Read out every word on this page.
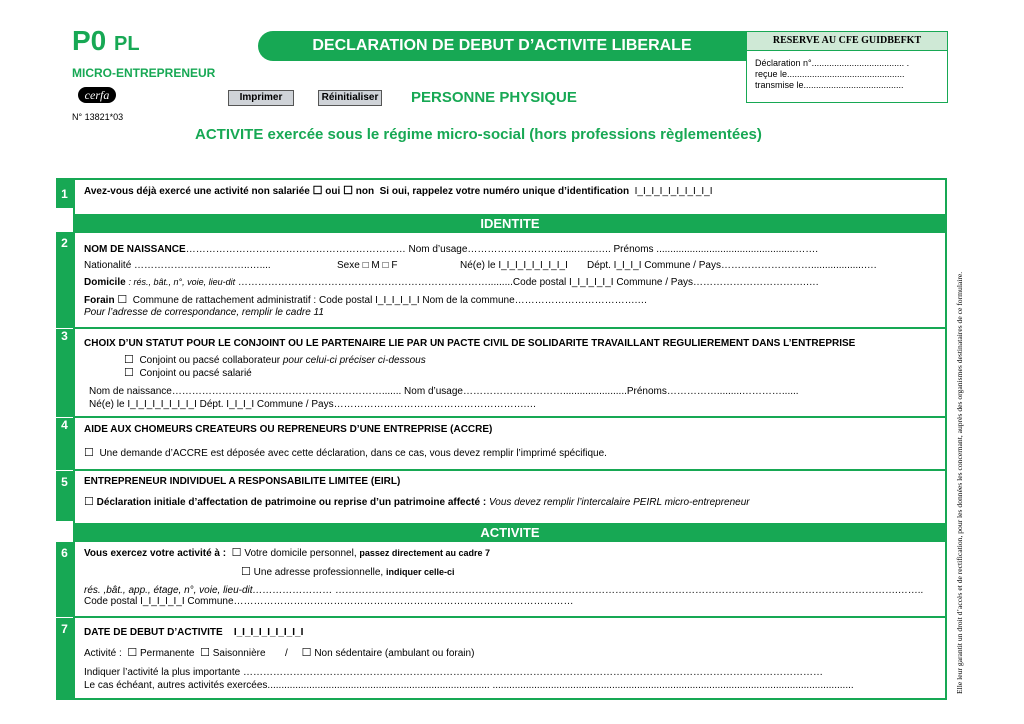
P0 PL
MICRO-ENTREPRENEUR
cerfa
N° 13821*03
DECLARATION DE DEBUT D’ACTIVITE LIBERALE	RESERVE AU CFE GUIDBEFKT
Déclaration n°..................................... .
reçue le...............................................
transmise le........................................
Imprimer	Réinitialiser PERSONNE PHYSIQUE
ACTIVITE exercée sous le régime micro-social (hors professions règlementées)
Elle leur garantit un droit d’accès et de rectification, pour les données les concernant, auprès des organismes destinataires de ce formulaire.
1
2
3
4
5
6
7
Avez-vous déjà exercé une activité non salariée ☐ oui ☐ non Si oui, rappelez votre numéro unique d’identification I_I_I_I_I_I_I_I_I_I
IDENTITE
NOM DE NAISSANCE………………………………………………………… Nom d’usage……………………….......…...….. Prénoms ..................................................…….
Nationalité ……………………………..…....	Sexe □ M □ F	Né(e) le I_I_I_I_I_I_I_I_I Dépt. I_I_I_I Commune / Pays………………………...................….
Domicile : rés., bât., n°, voie, lieu-dit ………………………………………………………………….........Code postal I_I_I_I_I_I Commune / Pays…………………………….….
Forain ☐ Commune de rattachement administratif : Code postal I_I_I_I_I_I Nom de la commune……………………………….…
Pour l’adresse de correspondance, remplir le cadre 11
CHOIX D’UN STATUT POUR LE CONJOINT OU LE PARTENAIRE LIE PAR UN PACTE CIVIL DE SOLIDARITE TRAVAILLANT REGULIEREMENT DANS L’ENTREPRISE
☐ Conjoint ou pacsé collaborateur pour celui-ci préciser ci-dessous
☐ Conjoint ou pacsé salarié
Nom de naissance………………………………………………………....... Nom d’usage………………………….......................Prénoms…………….........…………......
Né(e) le I_I_I_I_I_I_I_I_I Dépt. I_I_I_I Commune / Pays………………………………………………….…
AIDE AUX CHOMEURS CREATEURS OU REPRENEURS D’UNE ENTREPRISE (ACCRE)
☐ Une demande d’ACCRE est déposée avec cette déclaration, dans ce cas, vous devez remplir l’imprimé spécifique.
ENTREPRENEUR INDIVIDUEL A RESPONSABILITE LIMITEE (EIRL)
☐ Déclaration initiale d’affectation de patrimoine ou reprise d’un patrimoine affecté : Vous devez remplir l’intercalaire PEIRL micro-entrepreneur
ACTIVITE
Vous exercez votre activité à : ☐ Votre domicile personnel, passez directement au cadre 7
☐ Une adresse professionnelle, indiquer celle-ci
rés. ,bât., app., étage, n°, voie, lieu-dit…………………… …………………………………………………………………………………………………………………………………………………….……..
Code postal I_I_I_I_I_I Commune…………………………………………………………………………………………
DATE DE DEBUT D’ACTIVITE I_I_I_I_I_I_I_I_I
Activité : ☐ Permanente ☐ Saisonnière / ☐ Non sédentaire (ambulant ou forain)
Indiquer l’activité la plus importante …………………………………………………………………………………………………………………………………………………………
Le cas échéant, autres activités exercées................................................................................ ..................................................................................................................................
